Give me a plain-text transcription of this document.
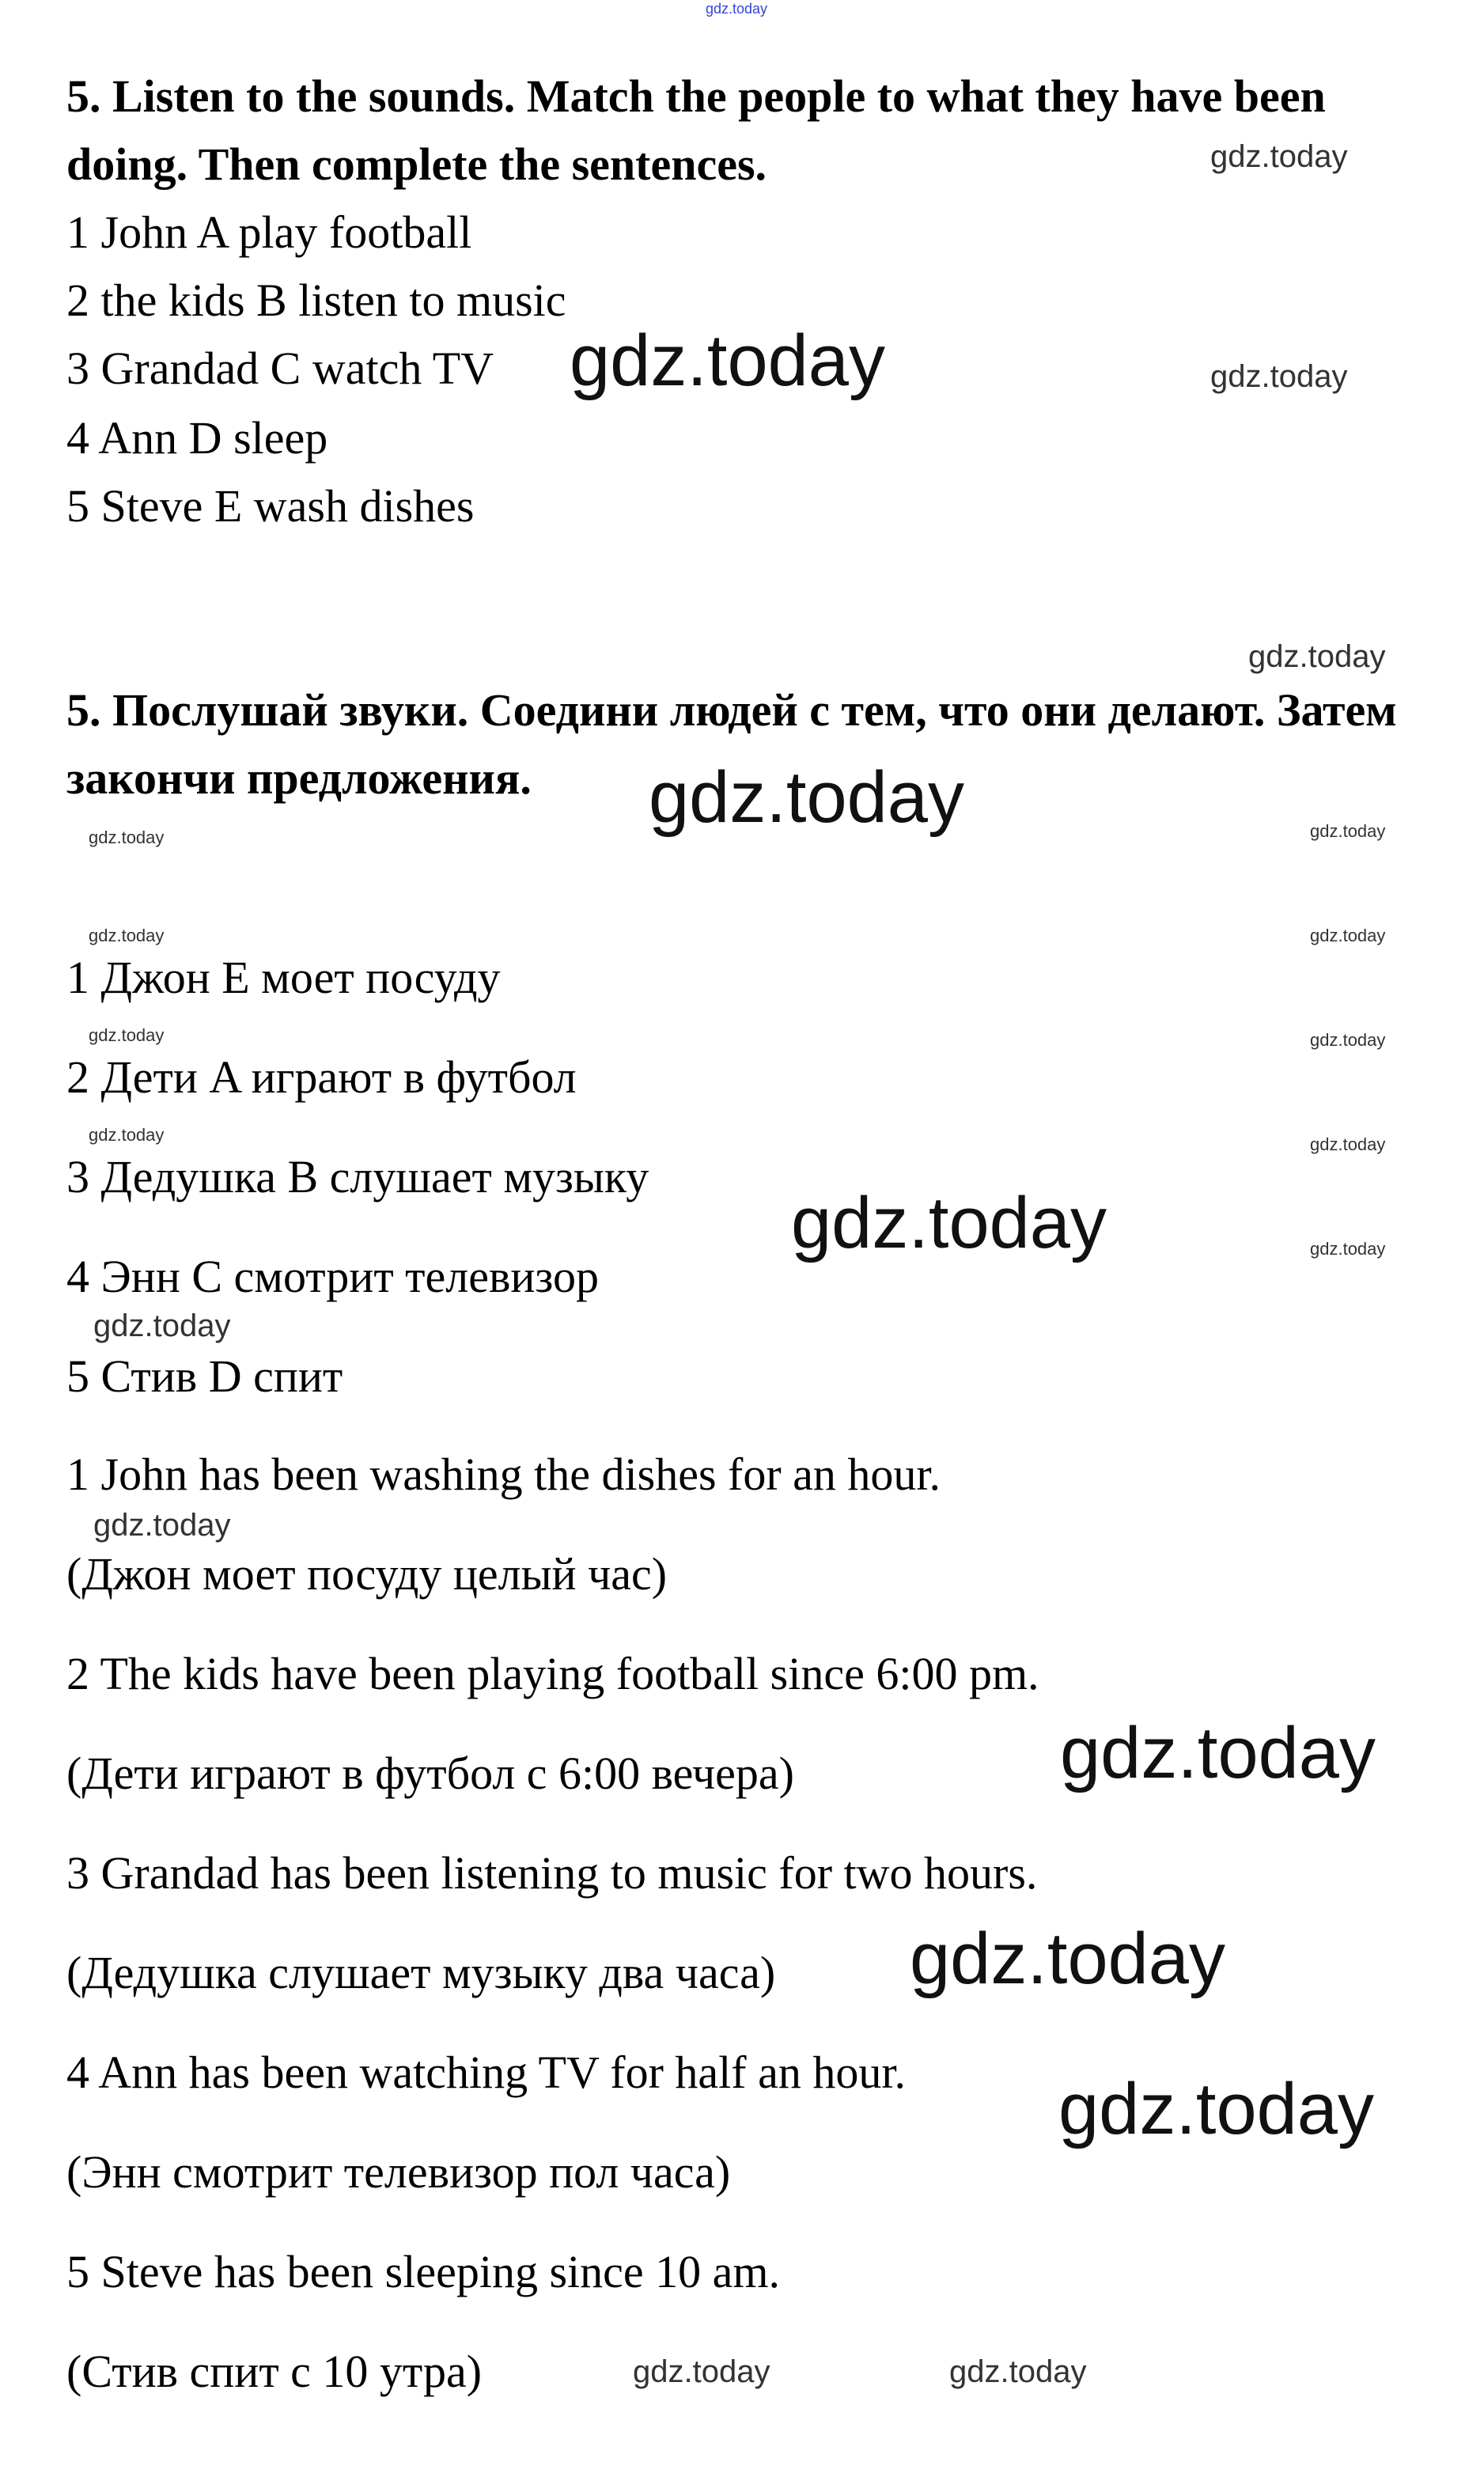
5. Listen to the sounds. Match the people to what they have been
doing. Then complete the sentences.
1 John A play football
2 the kids B listen to music
3 Grandad C watch TV
4 Ann D sleep
5 Steve E wash dishes
5. Послушай звуки. Соедини людей с тем, что они делают. Затем
закончи предложения.
1 Джон E моет посуду
2 Дети A играют в футбол
3 Дедушка B слушает музыку
4 Энн C смотрит телевизор
5 Стив D спит
1 John has been washing the dishes for an hour.
(Джон моет посуду целый час)
2 The kids have been playing football since 6:00 pm.
(Дети играют в футбол с 6:00 вечера)
3 Grandad has been listening to music for two hours.
(Дедушка слушает музыку два часа)
4 Ann has been watching TV for half an hour.
(Энн смотрит телевизор пол часа)
5 Steve has been sleeping since 10 am.
(Стив спит с 10 утра)
gdz.today
gdz.today
gdz.today	gdz.today
gdz.today
gdz.today
gdz.today	gdz.today
gdz.today	gdz.today
gdz.today	gdz.today
gdz.today	gdz.today
gdz.today	gdz.today
gdz.today
gdz.today
gdz.today
gdz.today
gdz.today
gdz.today	gdz.today
